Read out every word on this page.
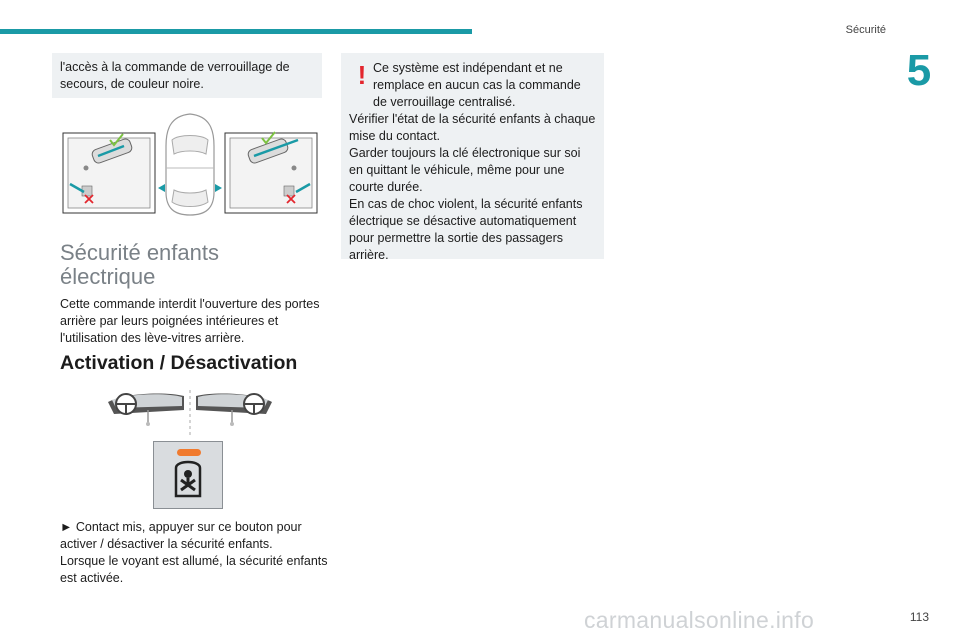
Sécurité
5
l'accès à la commande de verrouillage de secours, de couleur noire.
Sécurité enfants
électrique
Cette commande interdit l'ouverture des portes arrière par leurs poignées intérieures et l'utilisation des lève-vitres arrière.
Activation / Désactivation
► Contact mis, appuyer sur ce bouton pour activer / désactiver la sécurité enfants.
Lorsque le voyant est allumé, la sécurité enfants est activée.
! Ce système est indépendant et ne remplace en aucun cas la commande de verrouillage centralisé.
Vérifier l'état de la sécurité enfants à chaque mise du contact.
Garder toujours la clé électronique sur soi en quittant le véhicule, même pour une courte durée.
En cas de choc violent, la sécurité enfants électrique se désactive automatiquement pour permettre la sortie des passagers arrière.
113
carmanualsonline.info
